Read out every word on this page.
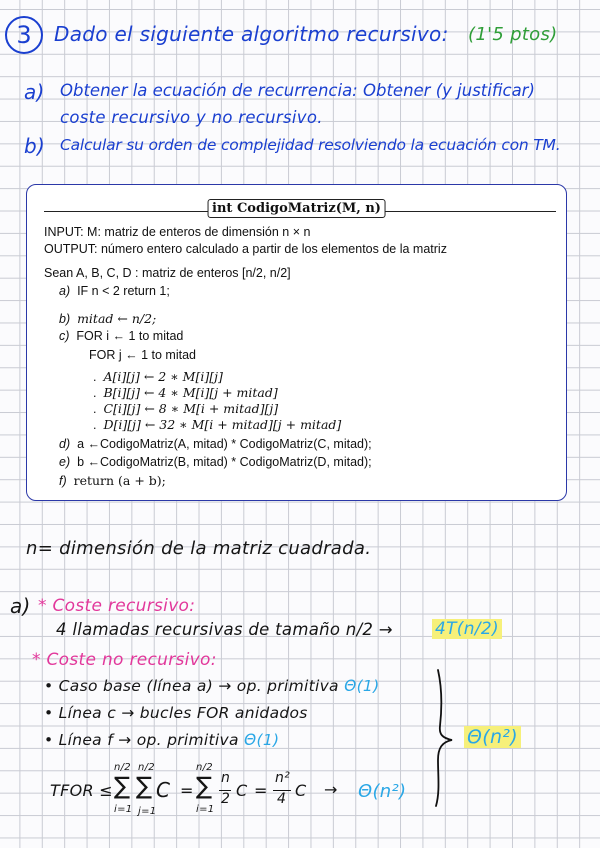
3 Dado el siguiente algoritmo recursivo: (1'5 ptos)
a) Obtener la ecuación de recurrencia: Obtener (y justificar)
coste recursivo y no recursivo.
b) Calcular su orden de complejidad resolviendo la ecuación con TM.
int CodigoMatriz(M, n)
INPUT: M: matriz de enteros de dimensión n × n
OUTPUT: número entero calculado a partir de los elementos de la matriz
Sean A, B, C, D : matriz de enteros [n/2, n/2]
a) IF n < 2 return 1;
b) mitad ← n/2;
c) FOR i ← 1 to mitad
FOR j ← 1 to mitad
. A[i][j] ← 2 ∗ M[i][j]
. B[i][j] ← 4 ∗ M[i][j + mitad]
. C[i][j] ← 8 ∗ M[i + mitad][j]
. D[i][j] ← 32 ∗ M[i + mitad][j + mitad]
d) a ←CodigoMatriz(A, mitad) * CodigoMatriz(C, mitad);
e) b ←CodigoMatriz(B, mitad) * CodigoMatriz(D, mitad);
f) return (a + b);
n= dimensión de la matriz cuadrada.
a) * Coste recursivo:
4 llamadas recursivas de tamaño n/2 → 4T(n/2)
* Coste no recursivo:
• Caso base (línea a) → op. primitiva Θ(1)
• Línea c → bucles FOR anidados
• Línea f → op. primitiva Θ(1)	Θ(n²)
TFOR ≤
n/2
∑
i=1
n/2
∑
j=1
C =
n/2
∑
i=1
n
2 C =
n²
4 C → Θ(n²)
